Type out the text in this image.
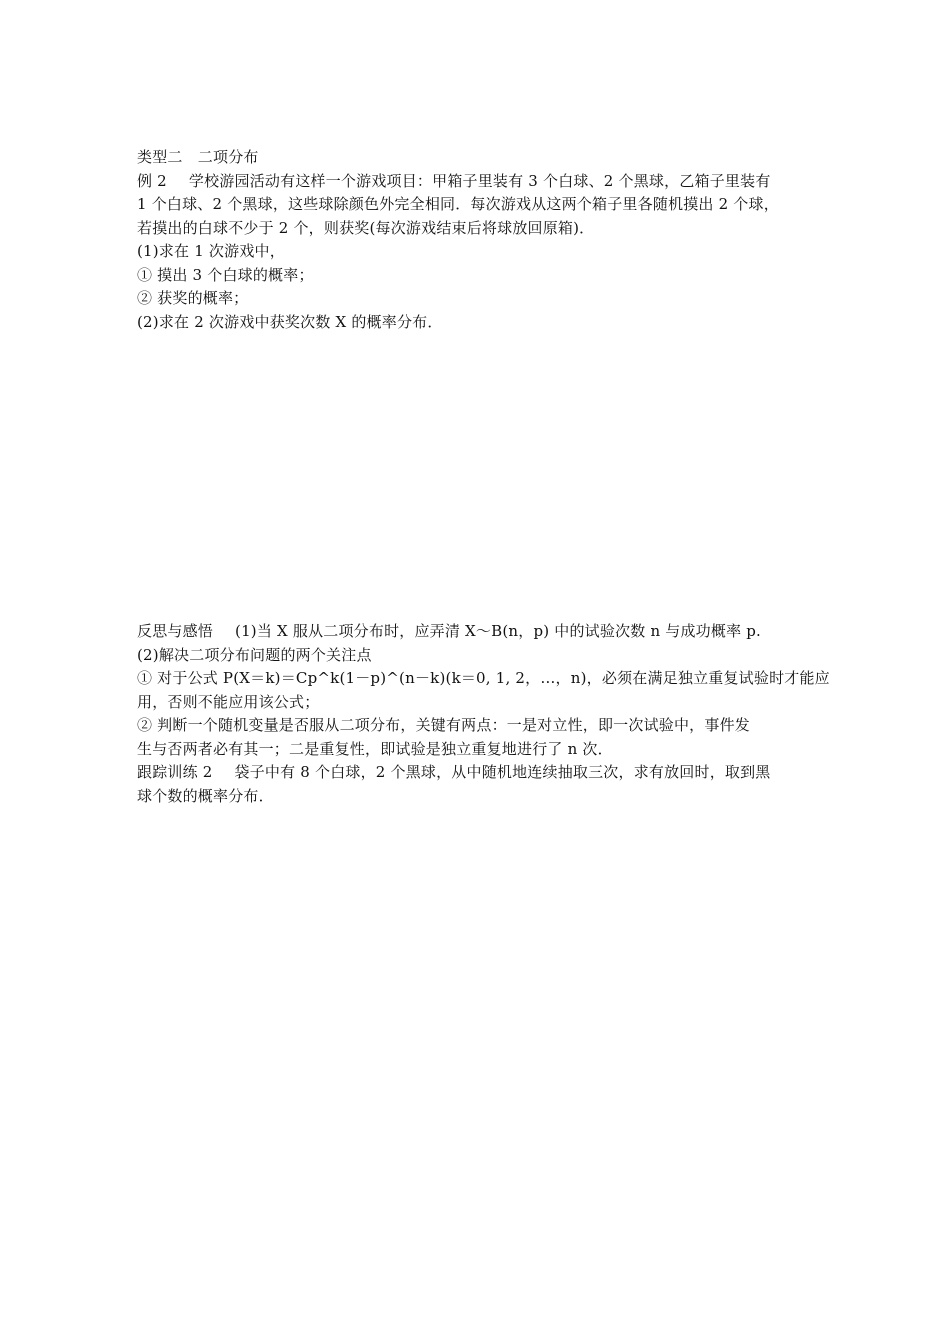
类型二　二项分布
例 2 学校游园活动有这样一个游戏项目：甲箱子里装有 3 个白球、2 个黑球，乙箱子里装有
1 个白球、2 个黑球，这些球除颜色外完全相同．每次游戏从这两个箱子里各随机摸出 2 个球，
若摸出的白球不少于 2 个，则获奖(每次游戏结束后将球放回原箱)．
(1)求在 1 次游戏中，
① 摸出 3 个白球的概率；
② 获奖的概率；
(2)求在 2 次游戏中获奖次数 X 的概率分布．
反思与感悟 (1)当 X 服从二项分布时，应弄清 X～B(n，p) 中的试验次数 n 与成功概率 p.
(2)解决二项分布问题的两个关注点
① 对于公式 P(X＝k)＝Cp^k(1－p)^(n－k)(k＝0, 1, 2，…，n)，必须在满足独立重复试验时才能应
用，否则不能应用该公式；
② 判断一个随机变量是否服从二项分布，关键有两点：一是对立性，即一次试验中，事件发
生与否两者必有其一；二是重复性，即试验是独立重复地进行了 n 次．
跟踪训练 2 袋子中有 8 个白球，2 个黑球，从中随机地连续抽取三次，求有放回时，取到黑
球个数的概率分布．
